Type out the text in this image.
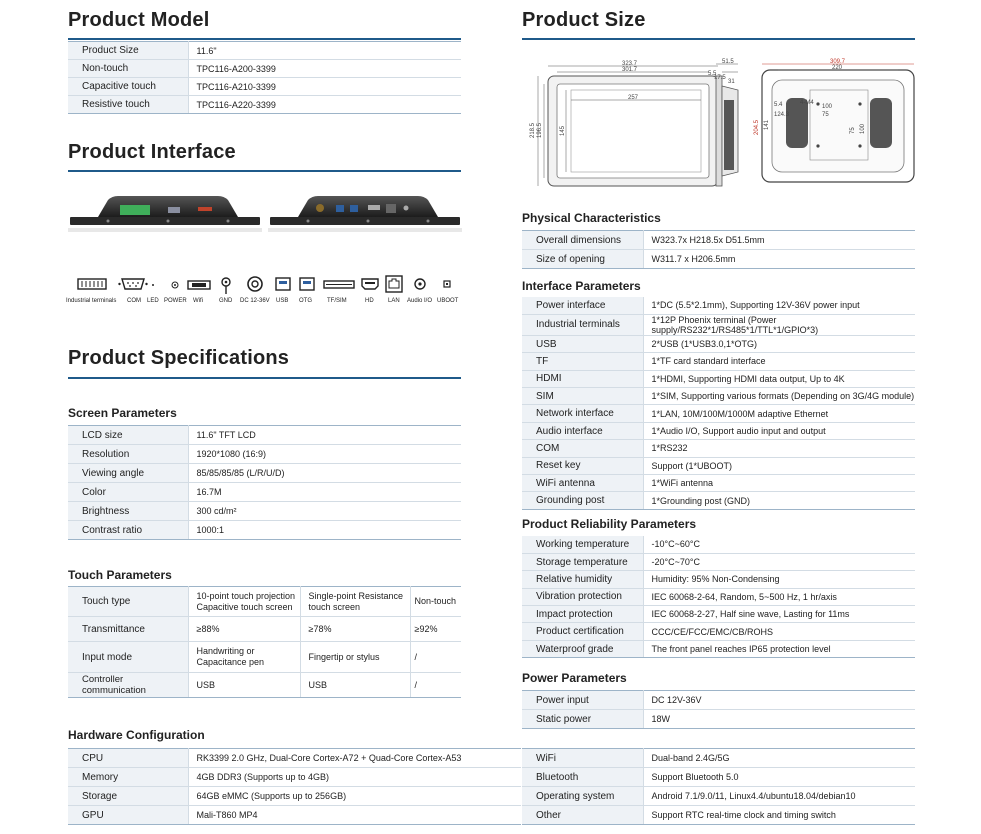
Product Model
Product Size	11.6"
Non-touch	TPC116-A200-3399
Capacitive touch	TPC116-A210-3399
Resistive touch	TPC116-A220-3399
Product Interface
Industrial terminals COM LED POWER Wifi	GND DC 12-36V USB OTG	TF/SIM	HD LAN Audio I/O UBOOT
Product Specifications
Screen Parameters
LCD size	11.6" TFT LCD
Resolution	1920*1080 (16:9)
Viewing angle	85/85/85/85 (L/R/U/D)
Color	16.7M
Brightness	300 cd/m²
Contrast ratio	1000:1
Touch Parameters
Touch type	10-point touch projection Capacitive touch screen	Single-point Resistance touch screen	Non-touch
Transmittance	≥88%	≥78%	≥92%
Input mode	Handwriting or Capacitance pen	Fingertip or stylus	/
Controller communication	USB	USB	/
Hardware Configuration
CPU	RK3399 2.0 GHz, Dual-Core Cortex-A72 + Quad-Core Cortex-A53
Memory	4GB DDR3 (Supports up to 4GB)
Storage	64GB eMMC (Supports up to 256GB)
GPU	Mali-T860 MP4
WiFi	Dual-band 2.4G/5G
Bluetooth	Support Bluetooth 5.0
Operating system	Android 7.1/9.0/11, Linux4.4/ubuntu18.04/debian10
Other	Support RTC real-time clock and timing switch
Product Size
323.7
301.7
257
218.5 196.5	145
51.5
5.5
17.5
31
309.7
220
204.5 141
100
75
75 100
4-M4
124.3
5.4
Physical Characteristics
Overall dimensions	W323.7x H218.5x D51.5mm
Size of opening	W311.7 x H206.5mm
Interface Parameters
Power interface	1*DC (5.5*2.1mm), Supporting 12V-36V power input
Industrial terminals	1*12P Phoenix terminal (Power supply/RS232*1/RS485*1/TTL*1/GPIO*3)
USB	2*USB (1*USB3.0,1*OTG)
TF	1*TF card standard interface
HDMI	1*HDMI, Supporting HDMI data output, Up to 4K
SIM	1*SIM, Supporting various formats (Depending on 3G/4G module)
Network interface	1*LAN, 10M/100M/1000M adaptive Ethernet
Audio interface	1*Audio I/O, Support audio input and output
COM	1*RS232
Reset key	Support (1*UBOOT)
WiFi antenna	1*WiFi antenna
Grounding post	1*Grounding post (GND)
Product Reliability Parameters
Working temperature	-10°C~60°C
Storage temperature	-20°C~70°C
Relative humidity	Humidity: 95% Non-Condensing
Vibration protection	IEC 60068-2-64, Random, 5~500 Hz, 1 hr/axis
Impact protection	IEC 60068-2-27, Half sine wave, Lasting for 11ms
Product certification	CCC/CE/FCC/EMC/CB/ROHS
Waterproof grade	The front panel reaches IP65 protection level
Power Parameters
Power input	DC 12V-36V
Static power	18W
